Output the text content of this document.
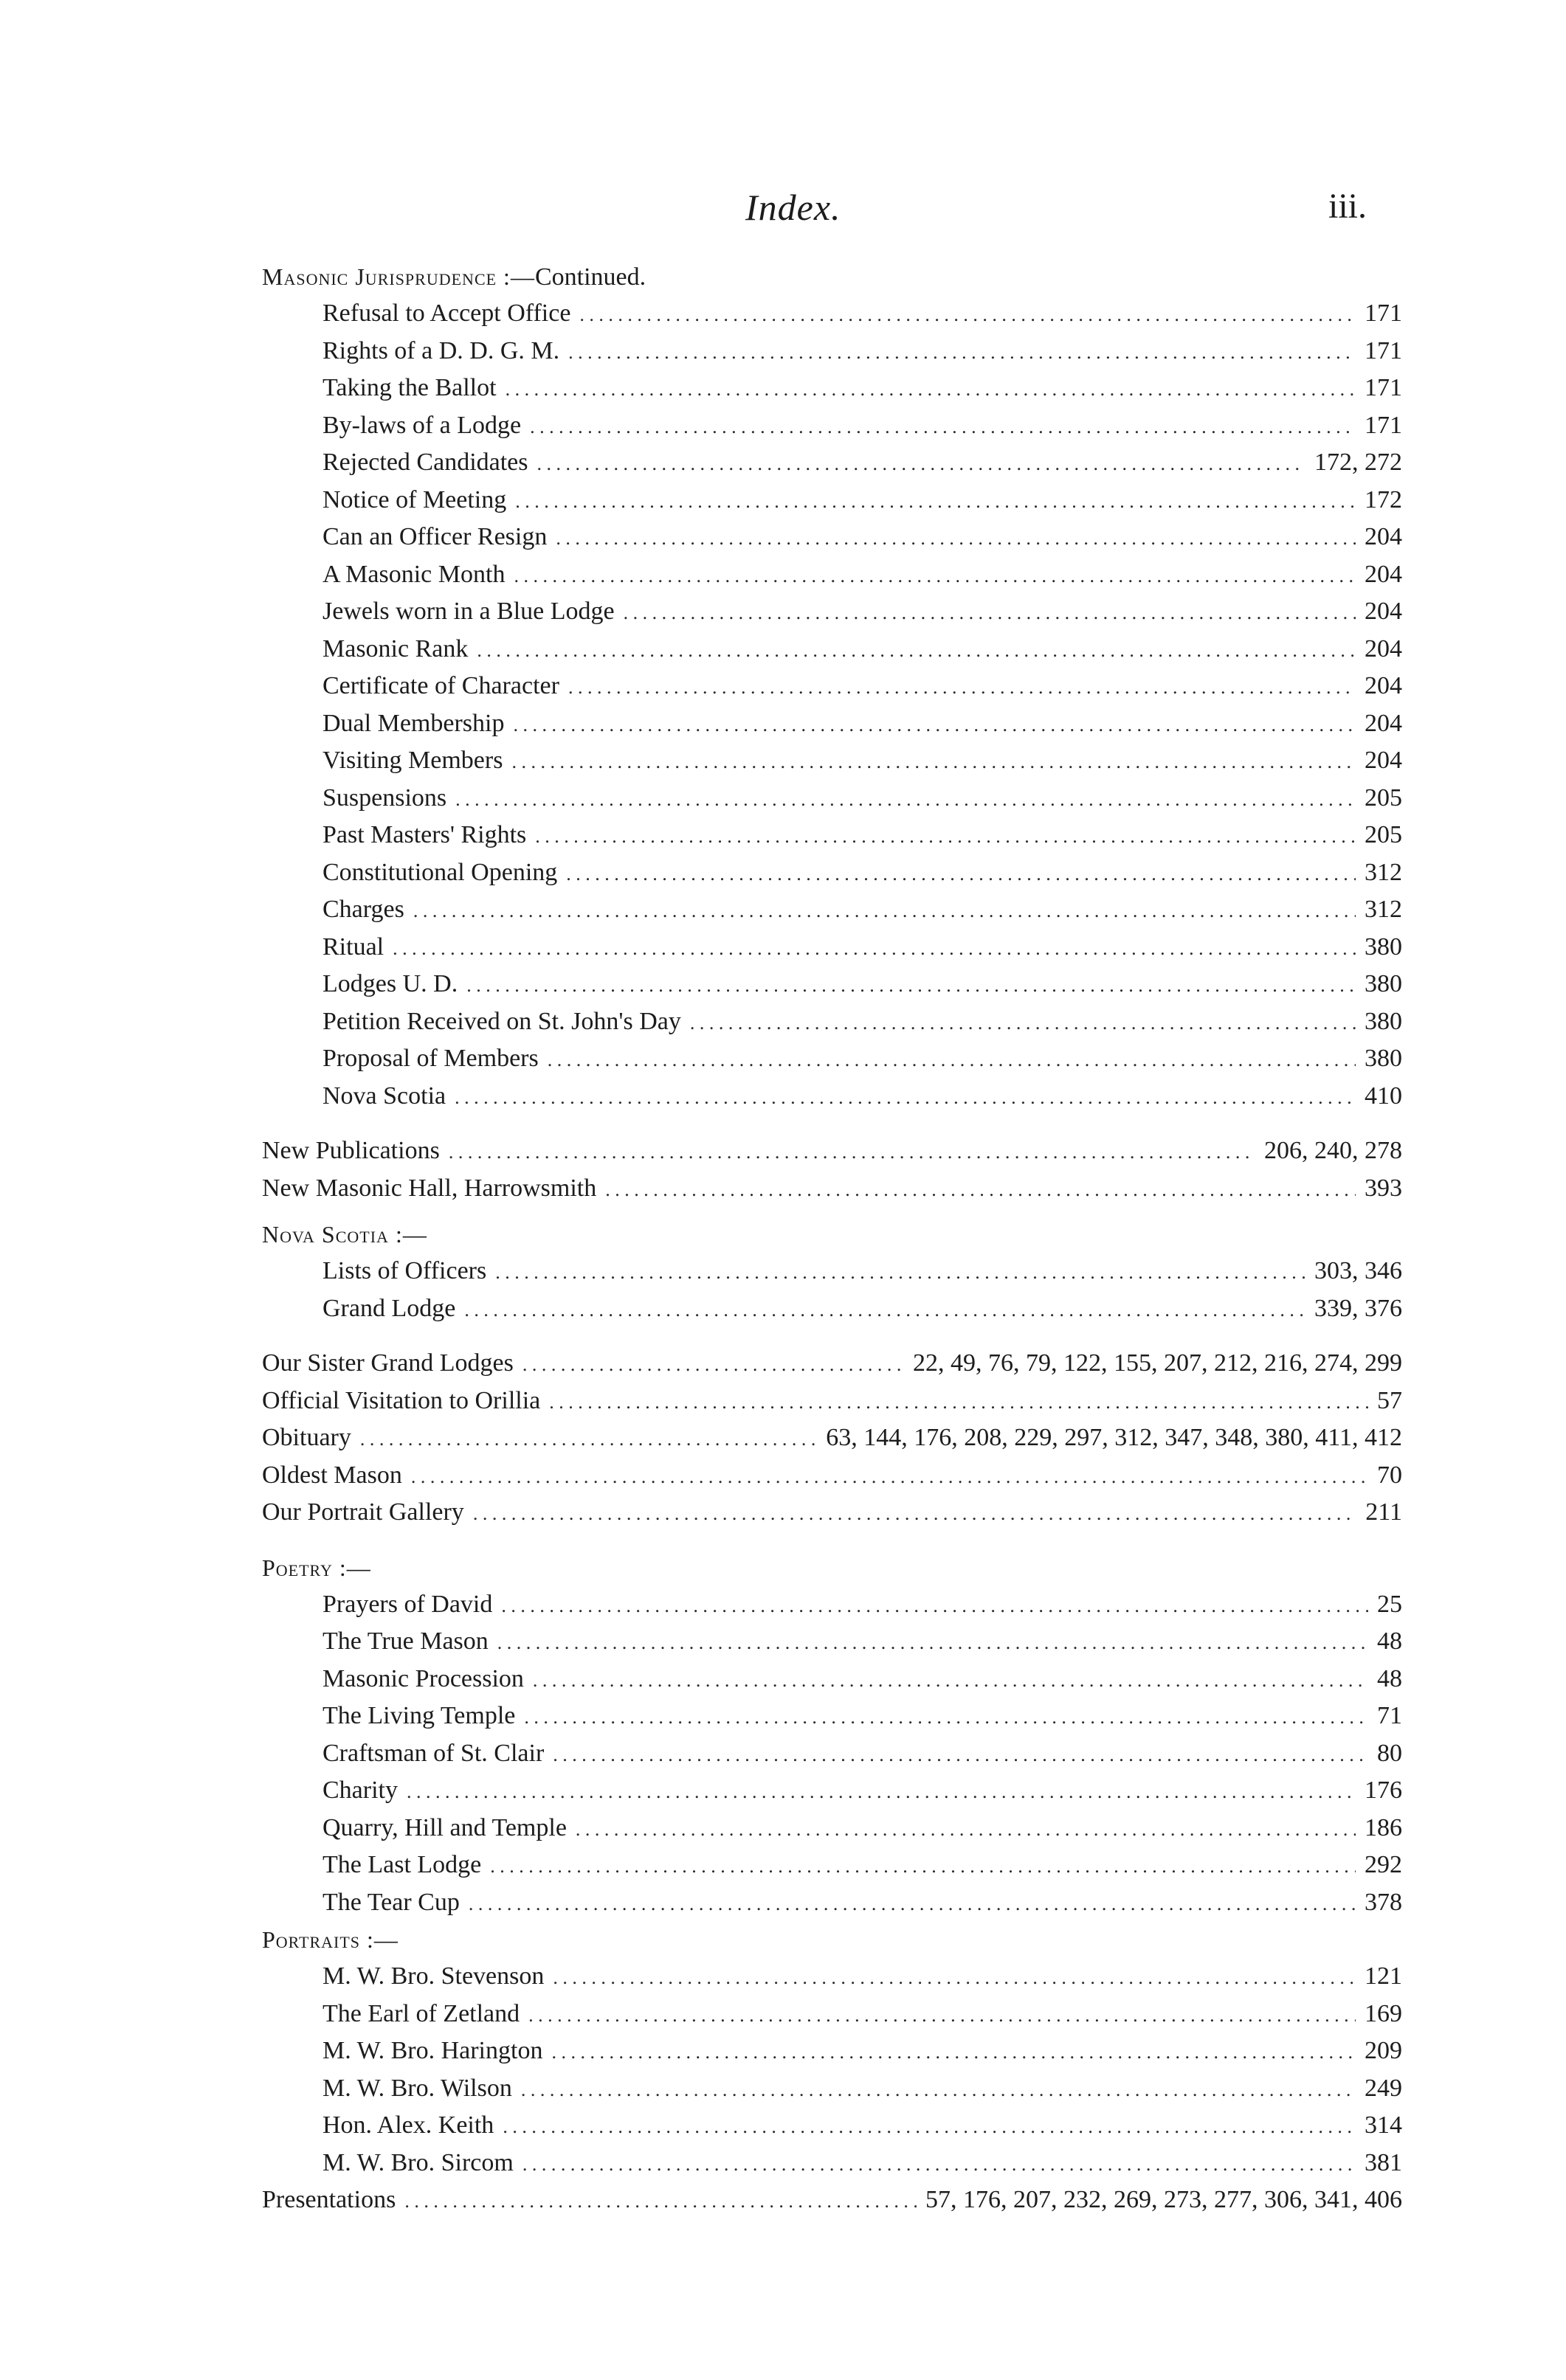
Index.	iii.
Masonic Jurisprudence :—Continued.
Refusal to Accept Office . . .	171
Rights of a D. D. G. M. . . .	171
Taking the Ballot . . .	171
By-laws of a Lodge . . .	171
Rejected Candidates . . .	172, 272
Notice of Meeting . . .	172
Can an Officer Resign . . .	204
A Masonic Month . . .	204
Jewels worn in a Blue Lodge . . .	204
Masonic Rank . . .	204
Certificate of Character . . .	204
Dual Membership . . .	204
Visiting Members . . .	204
Suspensions . . .	205
Past Masters' Rights . . .	205
Constitutional Opening . . .	312
Charges . . .	312
Ritual . . .	380
Lodges U. D. . . .	380
Petition Received on St. John's Day . . .	380
Proposal of Members . . .	380
Nova Scotia . . .	410
New Publications . . .	206, 240, 278
New Masonic Hall, Harrowsmith . . .	393
Nova Scotia :—
Lists of Officers . . .	303, 346
Grand Lodge . . .	339, 376
Our Sister Grand Lodges . . .	22, 49, 76, 79, 122, 155, 207, 212, 216, 274, 299
Official Visitation to Orillia . . .	57
Obituary . . .	63, 144, 176, 208, 229, 297, 312, 347, 348, 380, 411, 412
Oldest Mason . . .	70
Our Portrait Gallery . . .	211
Poetry :—
Prayers of David . . .	25
The True Mason . . .	48
Masonic Procession . . .	48
The Living Temple . . .	71
Craftsman of St. Clair . . .	80
Charity . . .	176
Quarry, Hill and Temple . . .	186
The Last Lodge . . .	292
The Tear Cup . . .	378
Portraits :—
M. W. Bro. Stevenson . . .	121
The Earl of Zetland . . .	169
M. W. Bro. Harington . . .	209
M. W. Bro. Wilson . . .	249
Hon. Alex. Keith . . .	314
M. W. Bro. Sircom . . .	381
Presentations . . .	57, 176, 207, 232, 269, 273, 277, 306, 341, 406
